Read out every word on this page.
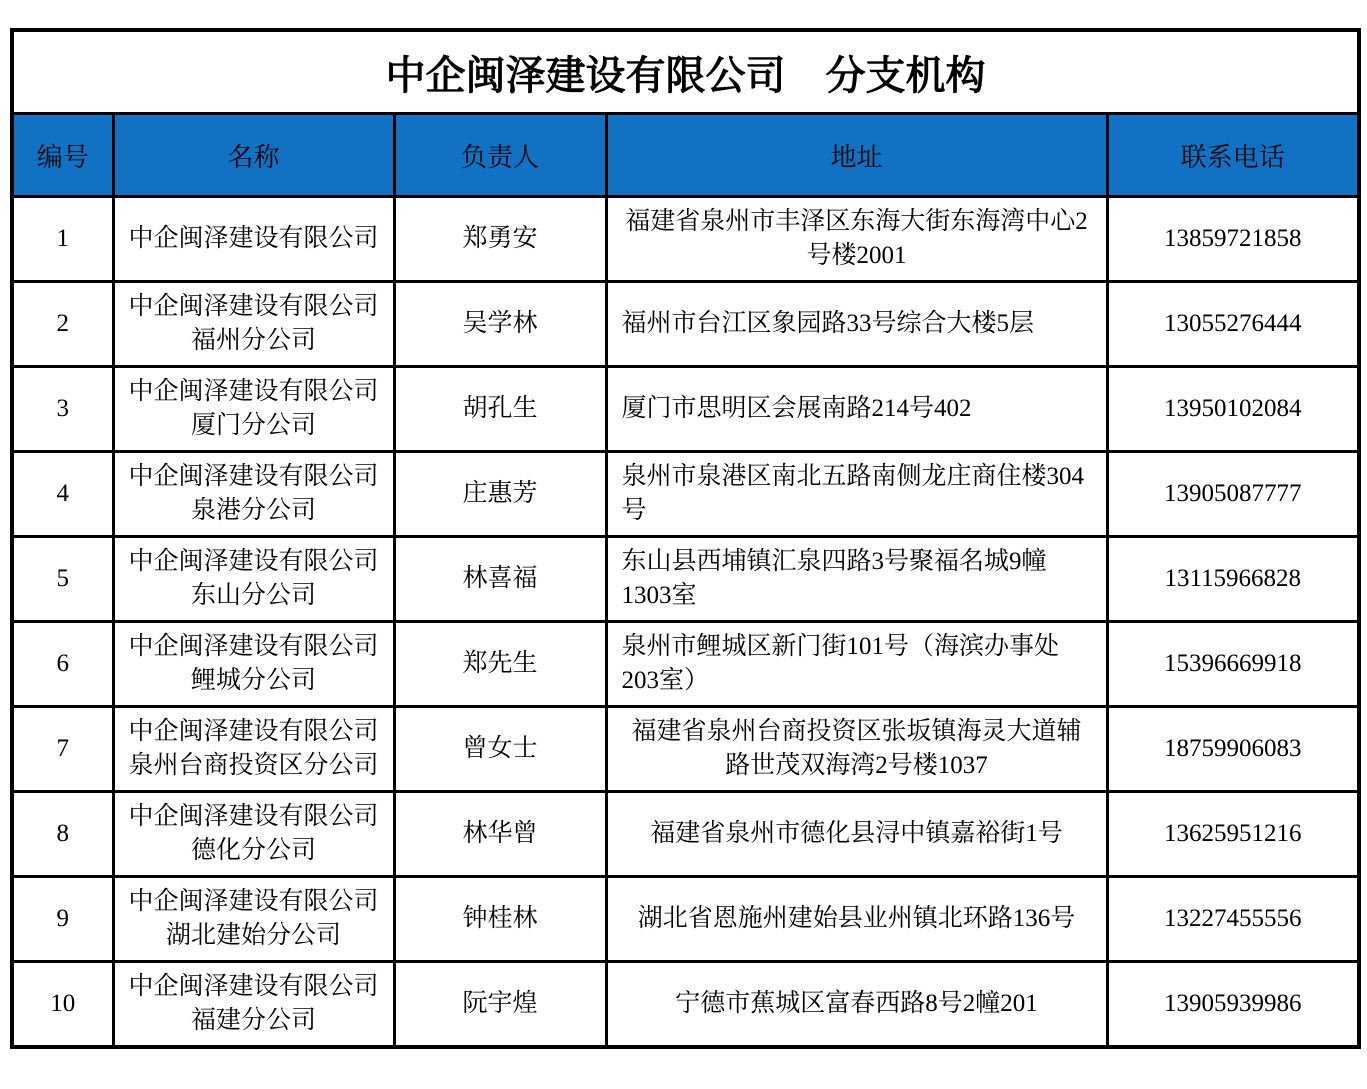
中企闽泽建设有限公司　分支机构				
编号	名称	负责人	地址	联系电话
1	中企闽泽建设有限公司	郑勇安	福建省泉州市丰泽区东海大街东海湾中心2号楼2001	13859721858
2	中企闽泽建设有限公司福州分公司	吴学林	福州市台江区象园路33号综合大楼5层	13055276444
3	中企闽泽建设有限公司厦门分公司	胡孔生	厦门市思明区会展南路214号402	13950102084
4	中企闽泽建设有限公司泉港分公司	庄惠芳	泉州市泉港区南北五路南侧龙庄商住楼304号	13905087777
5	中企闽泽建设有限公司东山分公司	林喜福	东山县西埔镇汇泉四路3号聚福名城9幢1303室	13115966828
6	中企闽泽建设有限公司鲤城分公司	郑先生	泉州市鲤城区新门街101号（海滨办事处203室）	15396669918
7	中企闽泽建设有限公司泉州台商投资区分公司	曾女士	福建省泉州台商投资区张坂镇海灵大道辅路世茂双海湾2号楼1037	18759906083
8	中企闽泽建设有限公司德化分公司	林华曾	福建省泉州市德化县浔中镇嘉裕街1号	13625951216
9	中企闽泽建设有限公司湖北建始分公司	钟桂林	湖北省恩施州建始县业州镇北环路136号	13227455556
10	中企闽泽建设有限公司福建分公司	阮宇煌	宁德市蕉城区富春西路8号2幢201	13905939986
